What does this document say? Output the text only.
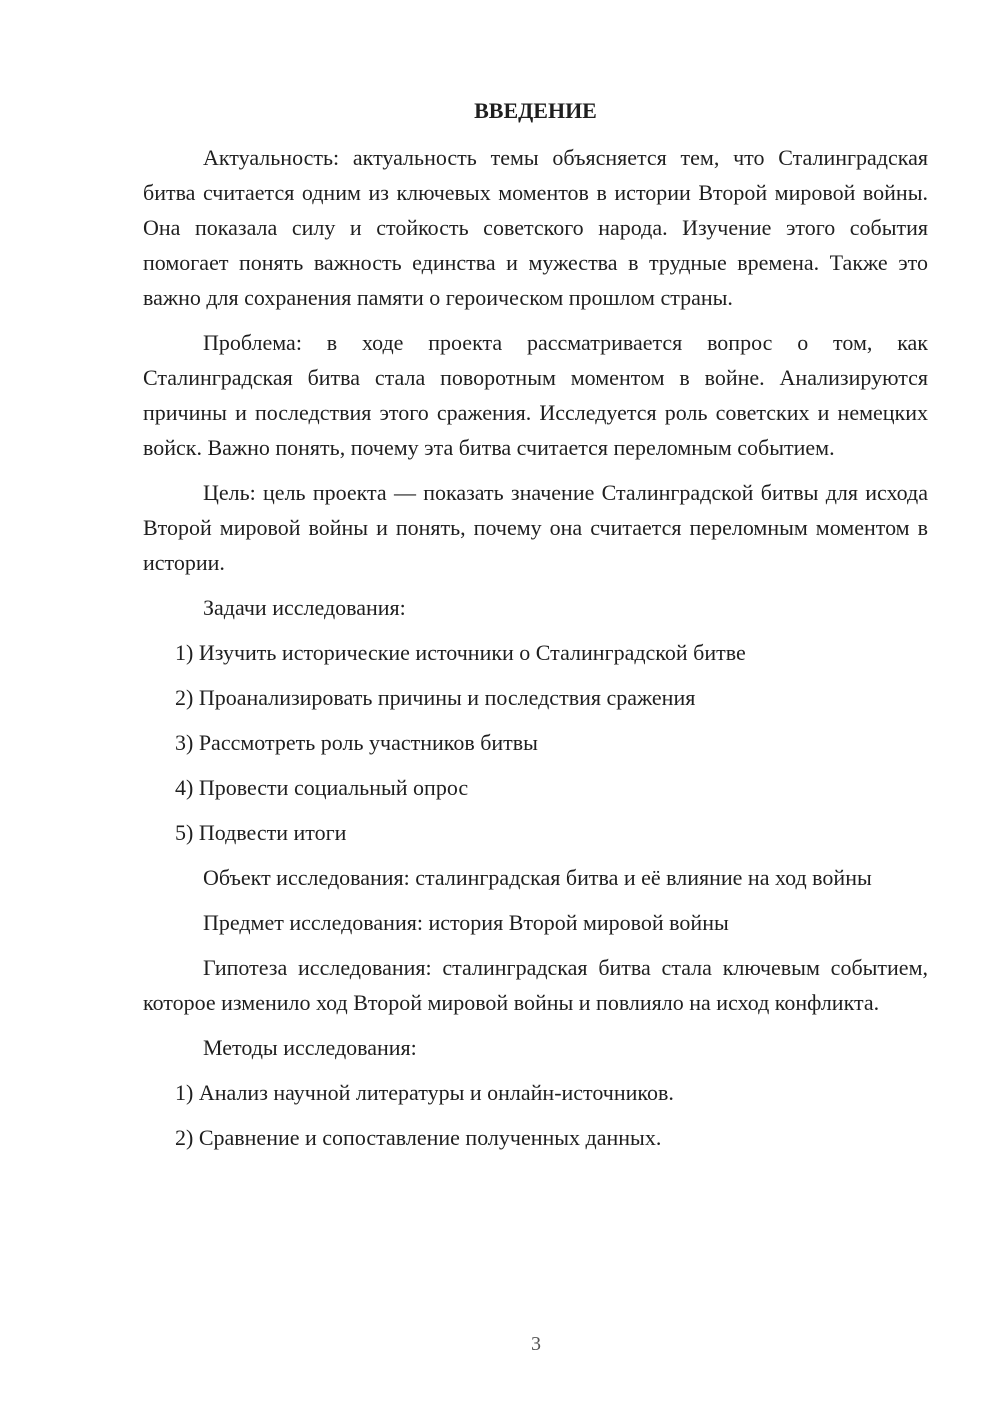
ВВЕДЕНИЕ

Актуальность: актуальность темы объясняется тем, что Сталинградская битва считается одним из ключевых моментов в истории Второй мировой войны. Она показала силу и стойкость советского народа. Изучение этого события помогает понять важность единства и мужества в трудные времена. Также это важно для сохранения памяти о героическом прошлом страны.

Проблема: в ходе проекта рассматривается вопрос о том, как Сталинградская битва стала поворотным моментом в войне. Анализируются причины и последствия этого сражения. Исследуется роль советских и немецких войск. Важно понять, почему эта битва считается переломным событием.

Цель: цель проекта — показать значение Сталинградской битвы для исхода Второй мировой войны и понять, почему она считается переломным моментом в истории.

Задачи исследования:

1) Изучить исторические источники о Сталинградской битве
2) Проанализировать причины и последствия сражения
3) Рассмотреть роль участников битвы
4) Провести социальный опрос
5) Подвести итоги

Объект исследования: сталинградская битва и её влияние на ход войны

Предмет исследования: история Второй мировой войны

Гипотеза исследования: сталинградская битва стала ключевым событием, которое изменило ход Второй мировой войны и повлияло на исход конфликта.

Методы исследования:

1) Анализ научной литературы и онлайн-источников.
2) Сравнение и сопоставление полученных данных.
3
